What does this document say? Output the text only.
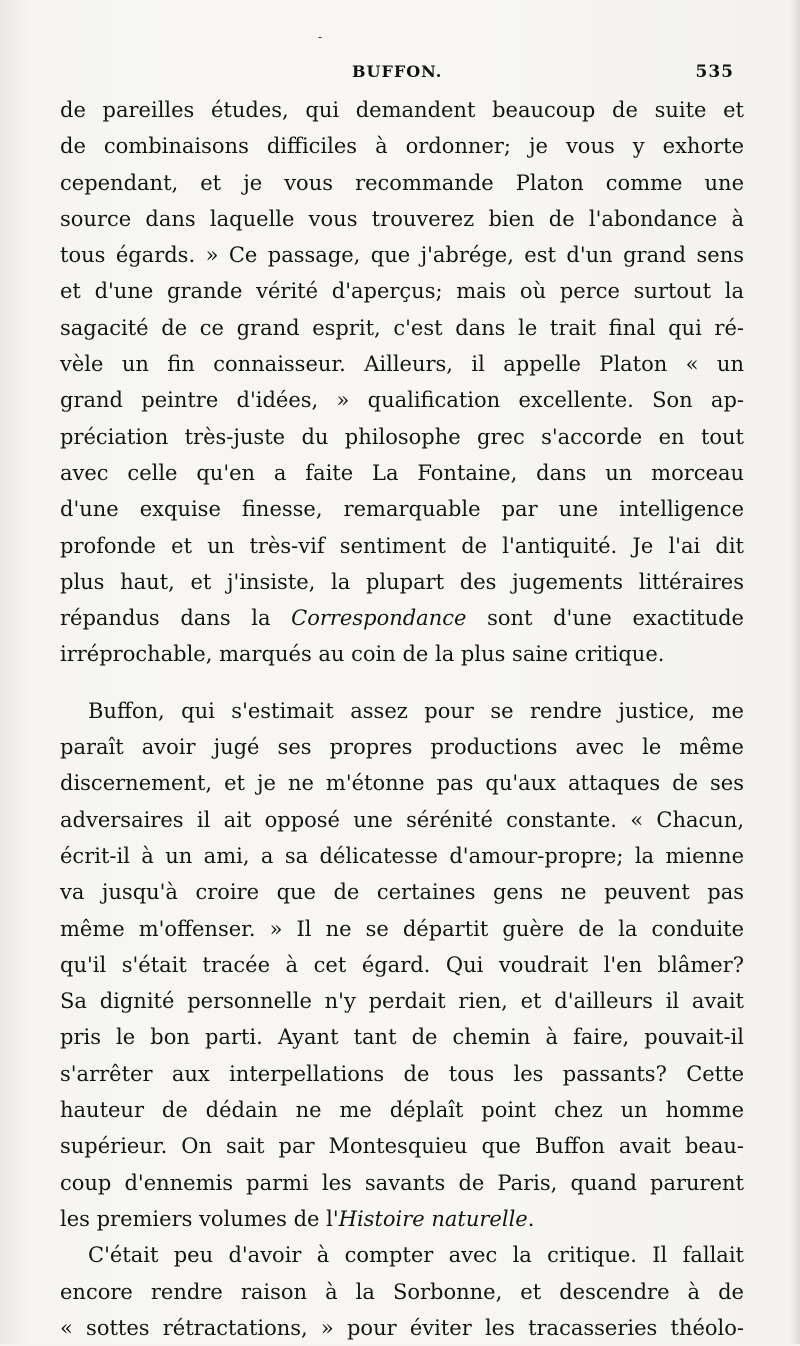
-
BUFFON.	535
de pareilles études, qui demandent beaucoup de suite et
de combinaisons difficiles à ordonner; je vous y exhorte
cependant, et je vous recommande Platon comme une
source dans laquelle vous trouverez bien de l'abondance à
tous égards. » Ce passage, que j'abrége, est d'un grand sens
et d'une grande vérité d'aperçus; mais où perce surtout la
sagacité de ce grand esprit, c'est dans le trait final qui ré-
vèle un fin connaisseur. Ailleurs, il appelle Platon « un
grand peintre d'idées, » qualification excellente. Son ap-
préciation très-juste du philosophe grec s'accorde en tout
avec celle qu'en a faite La Fontaine, dans un morceau
d'une exquise finesse, remarquable par une intelligence
profonde et un très-vif sentiment de l'antiquité. Je l'ai dit
plus haut, et j'insiste, la plupart des jugements littéraires
répandus dans la Correspondance sont d'une exactitude
irréprochable, marqués au coin de la plus saine critique.
Buffon, qui s'estimait assez pour se rendre justice, me
paraît avoir jugé ses propres productions avec le même
discernement, et je ne m'étonne pas qu'aux attaques de ses
adversaires il ait opposé une sérénité constante. « Chacun,
écrit-il à un ami, a sa délicatesse d'amour-propre; la mienne
va jusqu'à croire que de certaines gens ne peuvent pas
même m'offenser. » Il ne se départit guère de la conduite
qu'il s'était tracée à cet égard. Qui voudrait l'en blâmer?
Sa dignité personnelle n'y perdait rien, et d'ailleurs il avait
pris le bon parti. Ayant tant de chemin à faire, pouvait-il
s'arrêter aux interpellations de tous les passants? Cette
hauteur de dédain ne me déplaît point chez un homme
supérieur. On sait par Montesquieu que Buffon avait beau-
coup d'ennemis parmi les savants de Paris, quand parurent
les premiers volumes de l'Histoire naturelle.
C'était peu d'avoir à compter avec la critique. Il fallait
encore rendre raison à la Sorbonne, et descendre à de
« sottes rétractations, » pour éviter les tracasseries théolo-
